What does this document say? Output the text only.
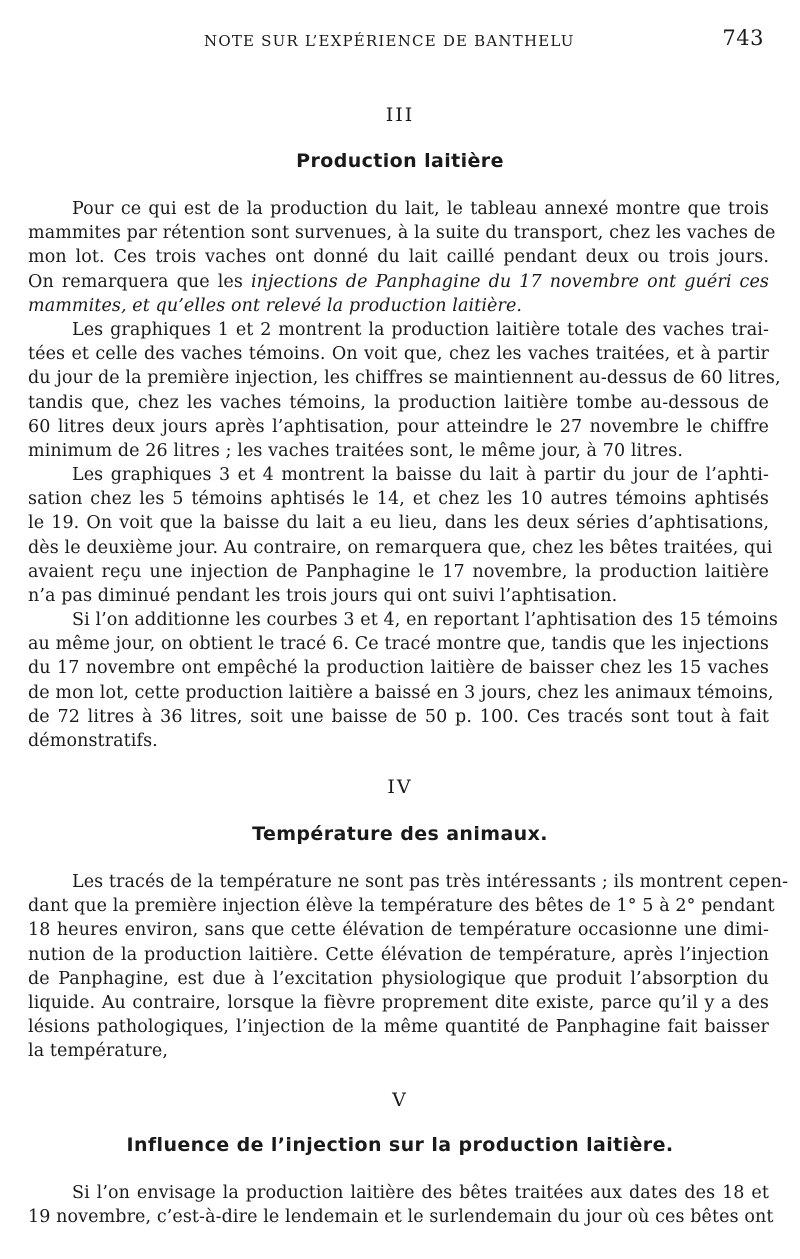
NOTE SUR L’EXPÉRIENCE DE BANTHELU	743
III
Production laitière

Pour ce qui est de la production du lait, le tableau annexé montre que trois
mammites par rétention sont survenues, à la suite du transport, chez les vaches de
mon lot. Ces trois vaches ont donné du lait caillé pendant deux ou trois jours.
On remarquera que les injections de Panphagine du 17 novembre ont guéri ces
mammites, et qu’elles ont relevé la production laitière.

Les graphiques 1 et 2 montrent la production laitière totale des vaches trai-
tées et celle des vaches témoins. On voit que, chez les vaches traitées, et à partir
du jour de la première injection, les chiffres se maintiennent au-dessus de 60 litres,
tandis que, chez les vaches témoins, la production laitière tombe au-dessous de
60 litres deux jours après l’aphtisation, pour atteindre le 27 novembre le chiffre
minimum de 26 litres ; les vaches traitées sont, le même jour, à 70 litres.

Les graphiques 3 et 4 montrent la baisse du lait à partir du jour de l’aphti-
sation chez les 5 témoins aphtisés le 14, et chez les 10 autres témoins aphtisés
le 19. On voit que la baisse du lait a eu lieu, dans les deux séries d’aphtisations,
dès le deuxième jour. Au contraire, on remarquera que, chez les bêtes traitées, qui
avaient reçu une injection de Panphagine le 17 novembre, la production laitière
n’a pas diminué pendant les trois jours qui ont suivi l’aphtisation.

Si l’on additionne les courbes 3 et 4, en reportant l’aphtisation des 15 témoins
au même jour, on obtient le tracé 6. Ce tracé montre que, tandis que les injections
du 17 novembre ont empêché la production laitière de baisser chez les 15 vaches
de mon lot, cette production laitière a baissé en 3 jours, chez les animaux témoins,
de 72 litres à 36 litres, soit une baisse de 50 p. 100. Ces tracés sont tout à fait
démonstratifs.

IV
Température des animaux.

Les tracés de la température ne sont pas très intéressants ; ils montrent cepen-
dant que la première injection élève la température des bêtes de 1° 5 à 2° pendant
18 heures environ, sans que cette élévation de température occasionne une dimi-
nution de la production laitière. Cette élévation de température, après l’injection
de Panphagine, est due à l’excitation physiologique que produit l’absorption du
liquide. Au contraire, lorsque la fièvre proprement dite existe, parce qu’il y a des
lésions pathologiques, l’injection de la même quantité de Panphagine fait baisser
la température,

V
Influence de l’injection sur la production laitière.

Si l’on envisage la production laitière des bêtes traitées aux dates des 18 et
19 novembre, c’est-à-dire le lendemain et le surlendemain du jour où ces bêtes ont
